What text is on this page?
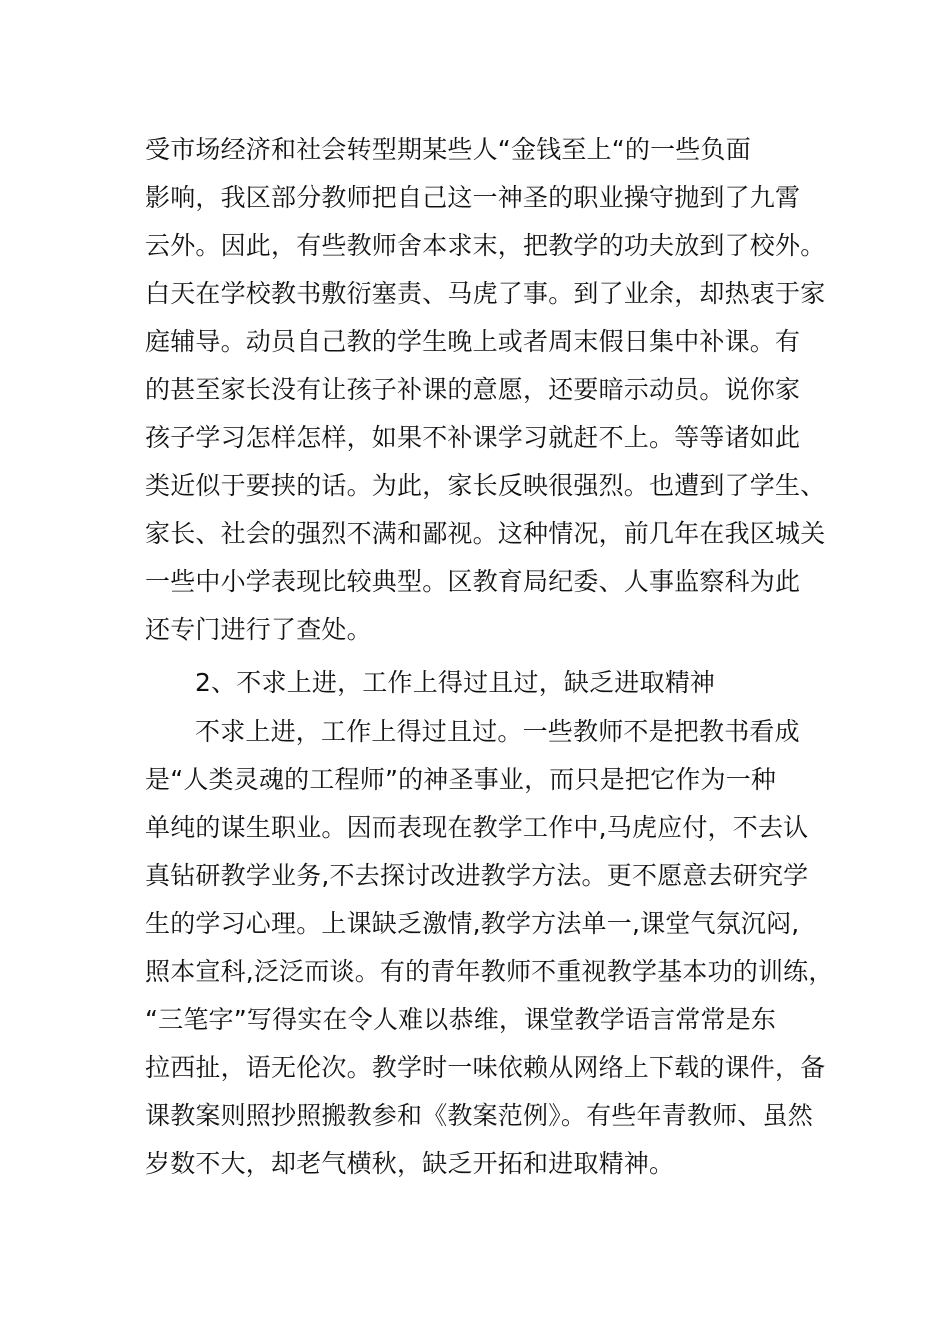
受市场经济和社会转型期某些人“金钱至上“的一些负面
影响，我区部分教师把自己这一神圣的职业操守抛到了九霄
云外。因此，有些教师舍本求末，把教学的功夫放到了校外。
白天在学校教书敷衍塞责、马虎了事。到了业余，却热衷于家
庭辅导。动员自己教的学生晚上或者周末假日集中补课。有
的甚至家长没有让孩子补课的意愿，还要暗示动员。说你家
孩子学习怎样怎样，如果不补课学习就赶不上。等等诸如此
类近似于要挟的话。为此，家长反映很强烈。也遭到了学生、
家长、社会的强烈不满和鄙视。这种情况，前几年在我区城关
一些中小学表现比较典型。区教育局纪委、人事监察科为此
还专门进行了查处。
2、不求上进，工作上得过且过，缺乏进取精神
不求上进，工作上得过且过。一些教师不是把教书看成
是“人类灵魂的工程师”的神圣事业，而只是把它作为一种
单纯的谋生职业。因而表现在教学工作中,马虎应付，不去认
真钻研教学业务,不去探讨改进教学方法。更不愿意去研究学
生的学习心理。上课缺乏激情,教学方法单一,课堂气氛沉闷,
照本宣科,泛泛而谈。有的青年教师不重视教学基本功的训练，
“三笔字”写得实在令人难以恭维，课堂教学语言常常是东
拉西扯，语无伦次。教学时一味依赖从网络上下载的课件，备
课教案则照抄照搬教参和《教案范例》。有些年青教师、虽然
岁数不大，却老气横秋，缺乏开拓和进取精神。
